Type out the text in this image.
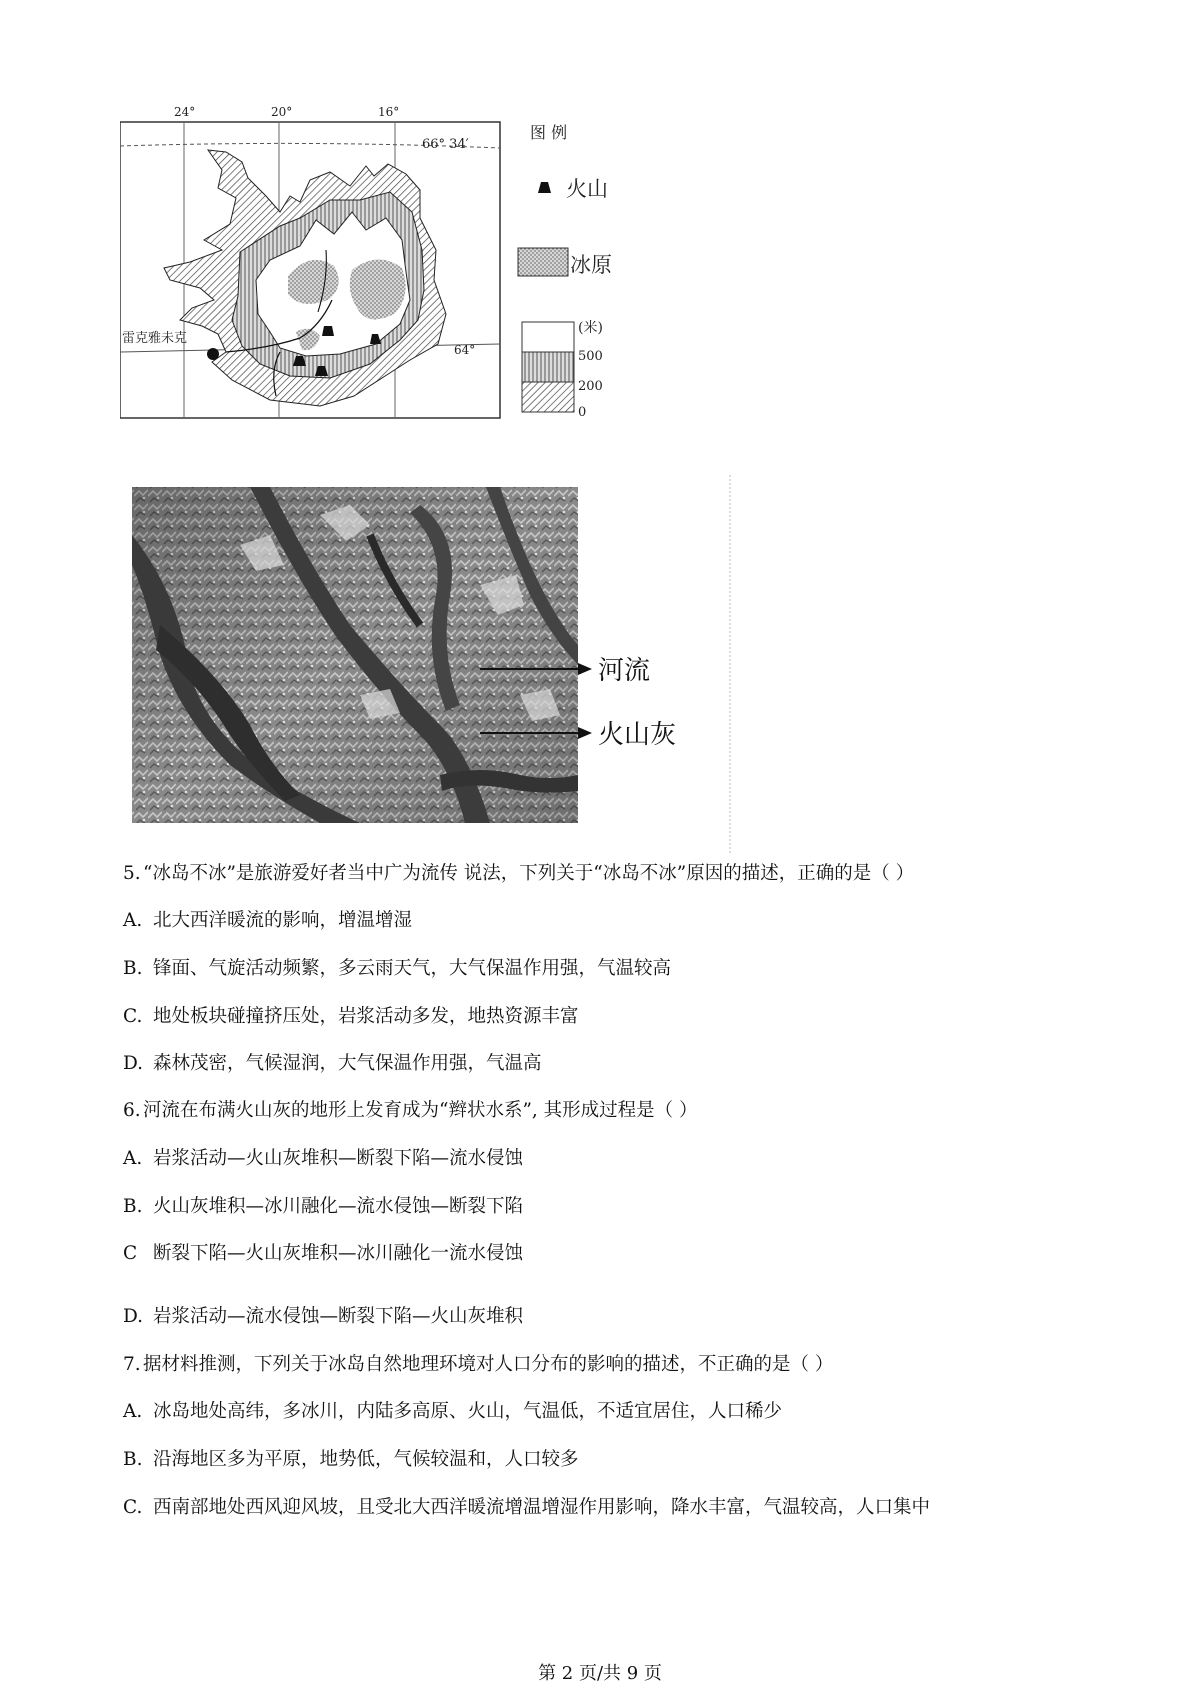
雷克雅未克
24°	20°	16°
66° 34′
64°
图 例
火山
冰原
(米)
500
200
0
河流
火山灰
5. “冰岛不冰”是旅游爱好者当中广为流传 说法，下列关于“冰岛不冰”原因的描述，正确的是（ ）
A. 北大西洋暖流的影响，增温增湿
B. 锋面、气旋活动频繁，多云雨天气，大气保温作用强，气温较高
C. 地处板块碰撞挤压处，岩浆活动多发，地热资源丰富
D. 森林茂密，气候湿润，大气保温作用强，气温高
6. 河流在布满火山灰的地形上发育成为“辫状水系”, 其形成过程是（ ）
A. 岩浆活动—火山灰堆积—断裂下陷—流水侵蚀
B. 火山灰堆积—冰川融化—流水侵蚀—断裂下陷
C 断裂下陷—火山灰堆积—冰川融化一流水侵蚀
D. 岩浆活动—流水侵蚀—断裂下陷—火山灰堆积
7. 据材料推测，下列关于冰岛自然地理环境对人口分布的影响的描述，不正确的是（ ）
A. 冰岛地处高纬，多冰川，内陆多高原、火山，气温低，不适宜居住，人口稀少
B. 沿海地区多为平原，地势低，气候较温和，人口较多
C. 西南部地处西风迎风坡，且受北大西洋暖流增温增湿作用影响，降水丰富，气温较高，人口集中
第 2 页/共 9 页
